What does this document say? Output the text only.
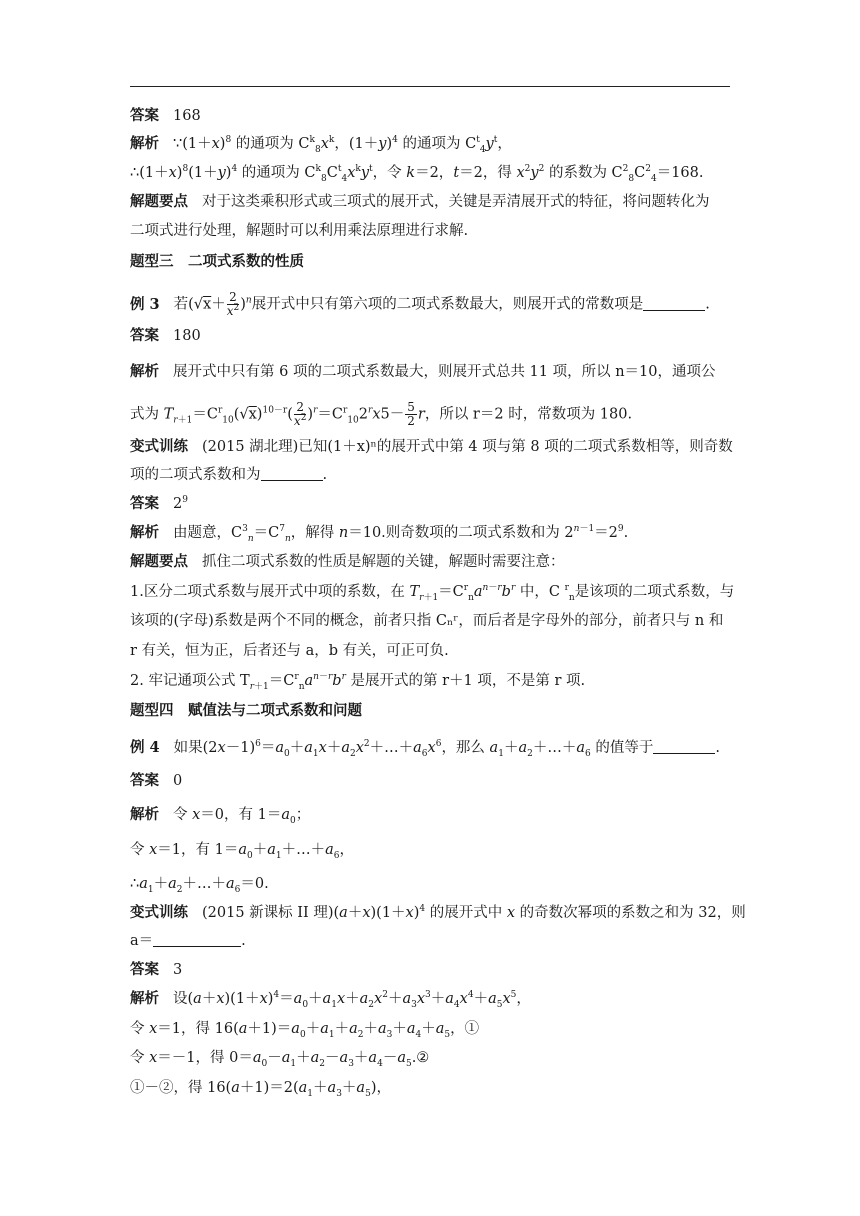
答案 168
解析 $\because(1+x)^8$ 的通项为 $C^k_8x^k$，$(1+y)^4$ 的通项为 $C^t_4y^t$，
$\therefore(1+x)^8(1+y)^4$ 的通项为 $C^k_8C^t_4x^ky^t$，令 k＝2，t＝2，得 $x^2y^2$ 的系数为 $C^2_8C^2_4=168$.
解题要点 对于这类乘积形式或三项式的展开式，关键是弄清展开式的特征，将问题转化为
二项式进行处理，解题时可以利用乘法原理进行求解.
题型三　二项式系数的性质
例 3 若$(√x+ \frac{2}{x^2} )^n$展开式中只有第六项的二项式系数最大，则展开式的常数项是	.
答案 180
解析 展开式中只有第 6 项的二项式系数最大，则展开式总共 11 项，所以 n＝10，通项公
式为 $T_{r+1}=C^r_{10}(√x)^{10-r}( \frac{2}{x^2} )^r=C^r_{10}2^rx5- \frac{5}{2}$ r，所以 r＝2 时，常数项为 180.
变式训练 (2015 湖北理)已知(1＋x)ⁿ的展开式中第 4 项与第 8 项的二项式系数相等，则奇数
项的二项式系数和为	.
答案 $2^9$
解析 由题意，$C^3_n=C^7_n$，解得 n＝10.则奇数项的二项式系数和为 $2^{n-1}=2^9$.
解题要点 抓住二项式系数的性质是解题的关键，解题时需要注意：
1.区分二项式系数与展开式中项的系数，在 $T_{r+1}=C^r_na^{n-r}b^r$ 中，C $^r_n$是该项的二项式系数，与
该项的(字母)系数是两个不同的概念，前者只指 Cₙʳ，而后者是字母外的部分，前者只与 n 和
r 有关，恒为正，后者还与 a，b 有关，可正可负.
2. 牢记通项公式 $T_{r+1}=C^r_na^{n-r}b^r$ 是展开式的第 r＋1 项，不是第 r 项.
题型四　赋值法与二项式系数和问题
例 4 如果$(2x-1)^6=a_0+a_1x+a_2x^2+\dots+a_6x^6$，那么 $a_1+a_2+\dots+a_6$ 的值等于	.
答案 0
解析 令 x＝0，有 $1=a_0$；
令 x＝1，有 $1=a_0+a_1+\dots+a_6$，
$\therefore a_1+a_2+\dots+a_6=0$.
变式训练 (2015 新课标 II 理)$(a+x)(1+x)^4$ 的展开式中 x 的奇数次幂项的系数之和为 32，则
a＝	.
答案 3
解析 设$(a+x)(1+x)^4=a_0+a_1x+a_2x^2+a_3x^3+a_4x^4+a_5x^5$，
令 x＝1，得 $16(a+1)=a_0+a_1+a_2+a_3+a_4+a_5$，①
令 x＝－1，得 $0=a_0-a_1+a_2-a_3+a_4-a_5.②$
①－②，得 $16(a+1)=2(a_1+a_3+a_5)$，
